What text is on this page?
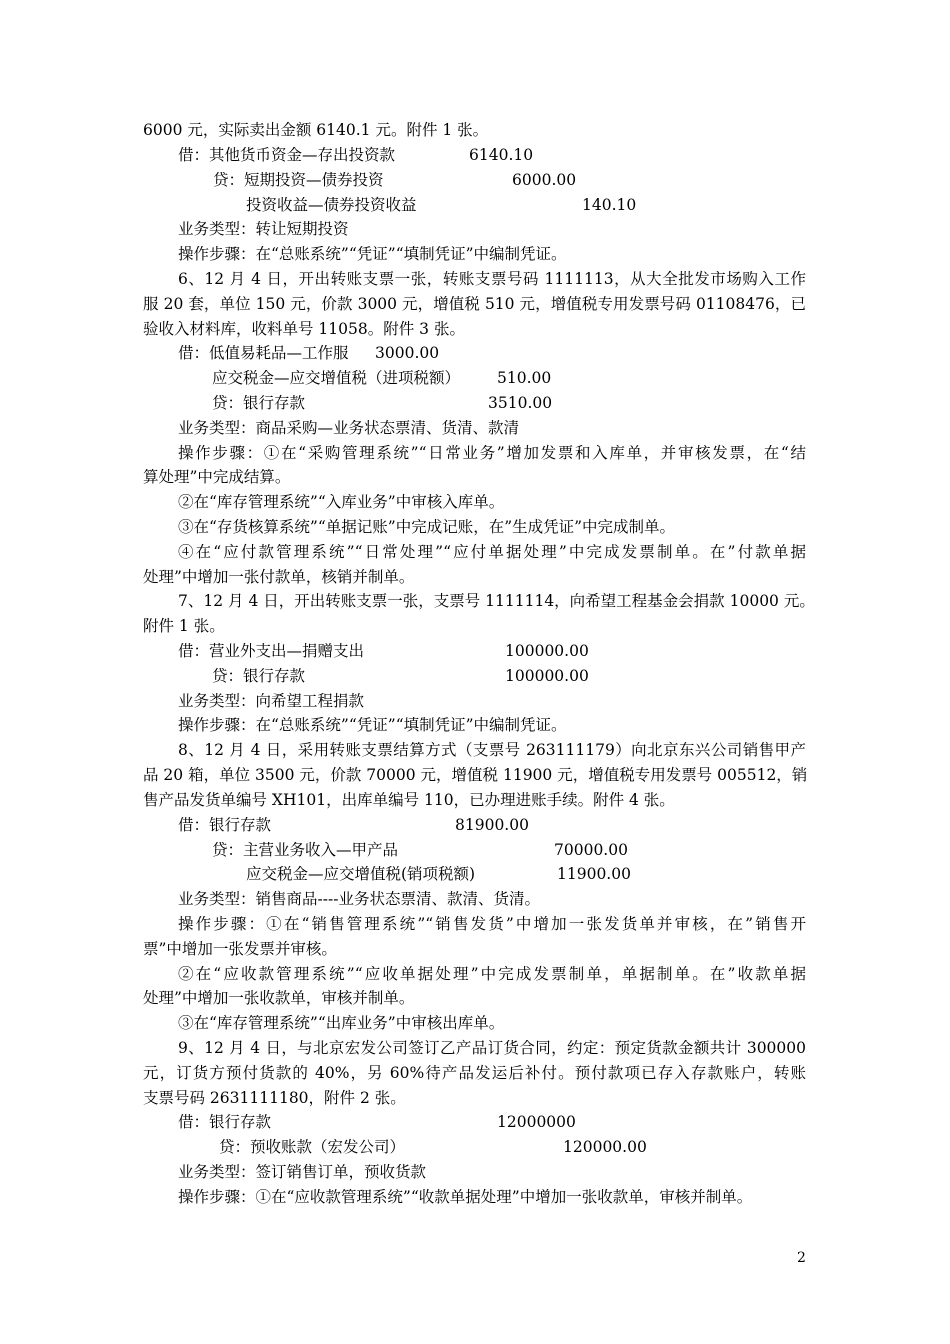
6000 元，实际卖出金额 6140.1 元。附件 1 张。
借：其他货币资金—存出投资款	6140.10
贷：短期投资—债券投资	6000.00
投资收益—债券投资收益	140.10
业务类型：转让短期投资
操作步骤：在“总账系统”“凭证”“填制凭证”中编制凭证。
6、12 月 4 日，开出转账支票一张，转账支票号码 1111113，从大全批发市场购入工作
服 20 套，单位 150 元，价款 3000 元，增值税 510 元，增值税专用发票号码 01108476，已
验收入材料库，收料单号 11058。附件 3 张。
借：低值易耗品—工作服 3000.00
应交税金—应交增值税（进项税额） 510.00
贷：银行存款	3510.00
业务类型：商品采购—业务状态票清、货清、款清
操作步骤：①在“采购管理系统”“日常业务”增加发票和入库单，并审核发票，在“结
算处理”中完成结算。
②在“库存管理系统”“入库业务”中审核入库单。
③在“存货核算系统”“单据记账”中完成记账，在”生成凭证”中完成制单。
④在“应付款管理系统”“日常处理”“应付单据处理”中完成发票制单。在”付款单据
处理”中增加一张付款单，核销并制单。
7、12 月 4 日，开出转账支票一张，支票号 1111114，向希望工程基金会捐款 10000 元。
附件 1 张。
借：营业外支出—捐赠支出	100000.00
贷：银行存款	100000.00
业务类型：向希望工程捐款
操作步骤：在“总账系统”“凭证”“填制凭证”中编制凭证。
8、12 月 4 日，采用转账支票结算方式（支票号 263111179）向北京东兴公司销售甲产
品 20 箱，单位 3500 元，价款 70000 元，增值税 11900 元，增值税专用发票号 005512，销
售产品发货单编号 XH101，出库单编号 110，已办理进账手续。附件 4 张。
借：银行存款	81900.00
贷：主营业务收入—甲产品	70000.00
应交税金—应交增值税(销项税额)	11900.00
业务类型：销售商品----业务状态票清、款清、货清。
操作步骤：①在“销售管理系统”“销售发货”中增加一张发货单并审核，在”销售开
票”中增加一张发票并审核。
②在“应收款管理系统”“应收单据处理”中完成发票制单，单据制单。在”收款单据
处理”中增加一张收款单，审核并制单。
③在“库存管理系统”“出库业务”中审核出库单。
9、12 月 4 日，与北京宏发公司签订乙产品订货合同，约定：预定货款金额共计 300000
元，订货方预付货款的 40%，另 60%待产品发运后补付。预付款项已存入存款账户，转账
支票号码 2631111180，附件 2 张。
借：银行存款	12000000
贷：预收账款（宏发公司）	120000.00
业务类型：签订销售订单，预收货款
操作步骤：①在“应收款管理系统”“收款单据处理”中增加一张收款单，审核并制单。
2
